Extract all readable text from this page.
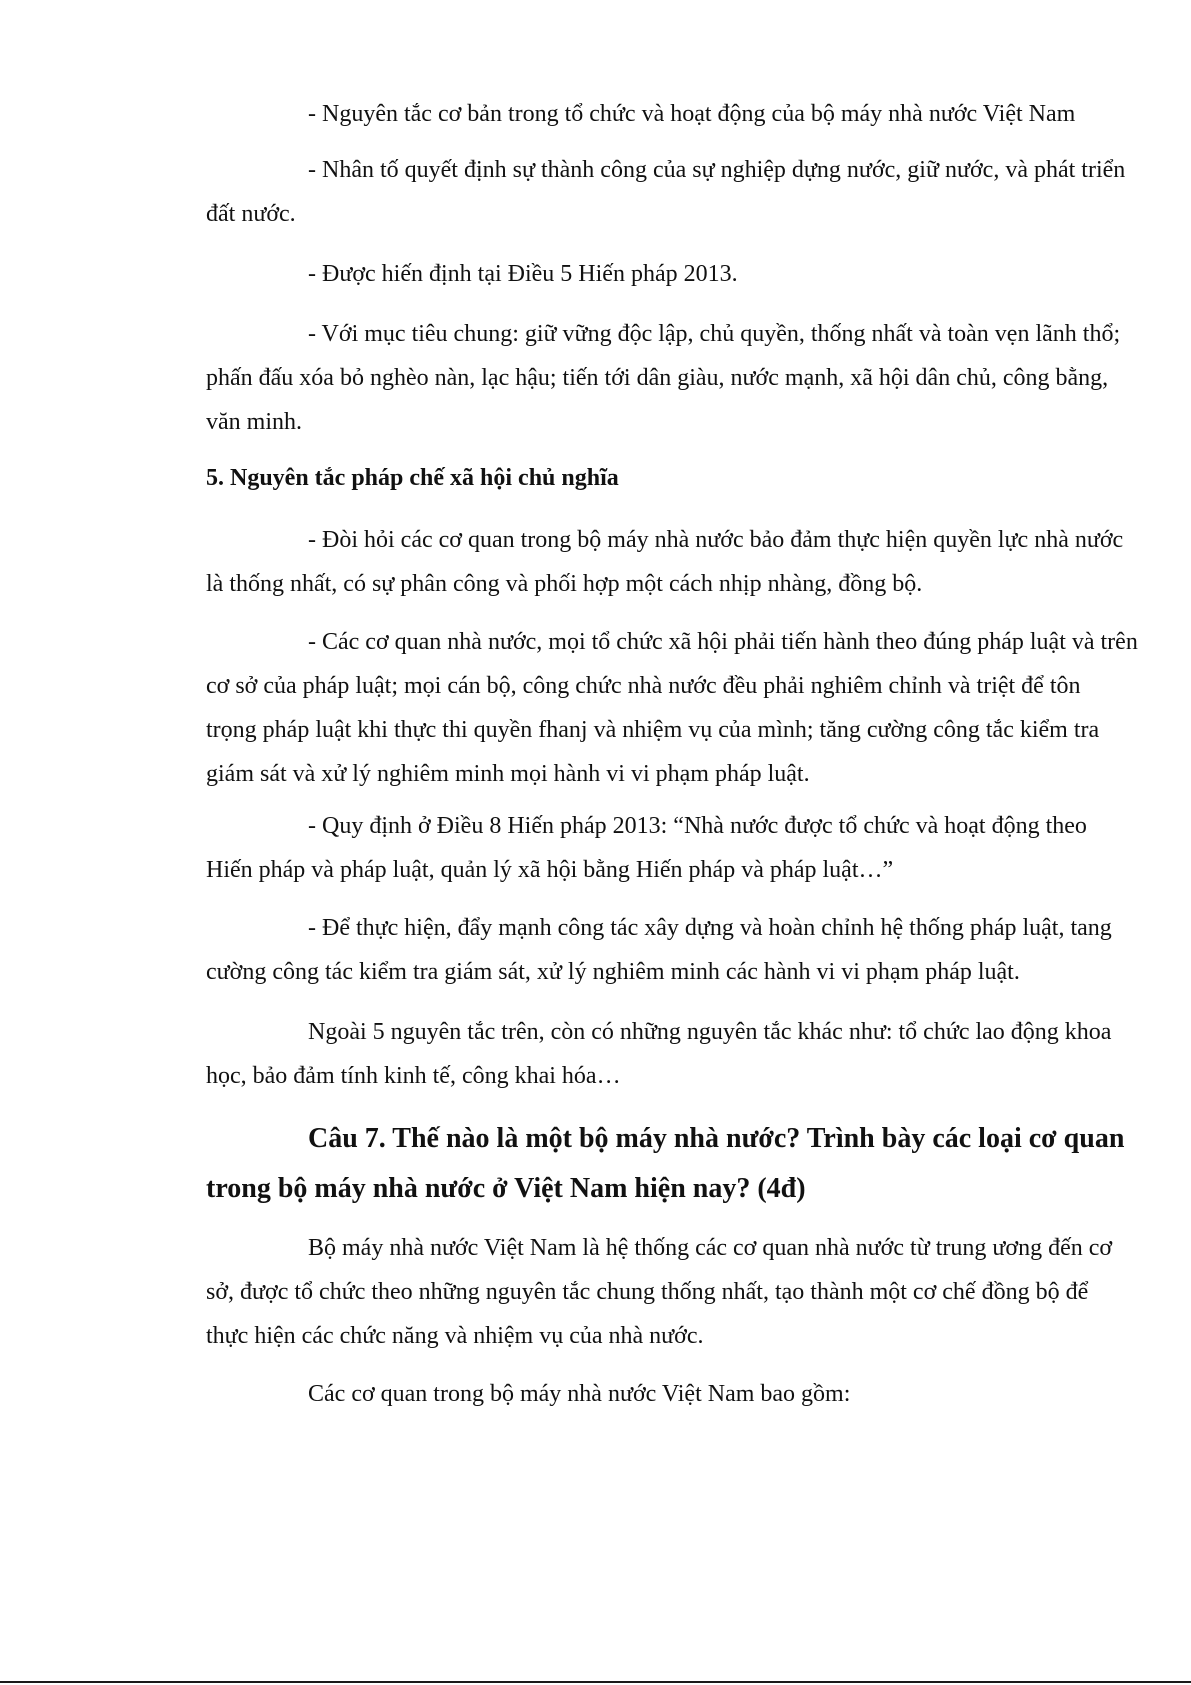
- Nguyên tắc cơ bản trong tổ chức và hoạt động của bộ máy nhà nước Việt Nam
- Nhân tố quyết định sự thành công của sự nghiệp dựng nước, giữ nước, và phát triển
đất nước.
- Được hiến định tại Điều 5 Hiến pháp 2013.
- Với mục tiêu chung: giữ vững độc lập, chủ quyền, thống nhất và toàn vẹn lãnh thổ;
phấn đấu xóa bỏ nghèo nàn, lạc hậu; tiến tới dân giàu, nước mạnh, xã hội dân chủ, công bằng,
văn minh.
5. Nguyên tắc pháp chế xã hội chủ nghĩa
- Đòi hỏi các cơ quan trong bộ máy nhà nước bảo đảm thực hiện quyền lực nhà nước
là thống nhất, có sự phân công và phối hợp một cách nhịp nhàng, đồng bộ.
- Các cơ quan nhà nước, mọi tổ chức xã hội phải tiến hành theo đúng pháp luật và trên
cơ sở của pháp luật; mọi cán bộ, công chức nhà nước đều phải nghiêm chỉnh và triệt để tôn
trọng pháp luật khi thực thi quyền fhanj và nhiệm vụ của mình; tăng cường công tắc kiểm tra
giám sát và xử lý nghiêm minh mọi hành vi vi phạm pháp luật.
- Quy định ở Điều 8 Hiến pháp 2013: “Nhà nước được tổ chức và hoạt động theo
Hiến pháp và pháp luật, quản lý xã hội bằng Hiến pháp và pháp luật…”
- Để thực hiện, đẩy mạnh công tác xây dựng và hoàn chỉnh hệ thống pháp luật, tang
cường công tác kiểm tra giám sát, xử lý nghiêm minh các hành vi vi phạm pháp luật.
Ngoài 5 nguyên tắc trên, còn có những nguyên tắc khác như: tổ chức lao động khoa
học, bảo đảm tính kinh tế, công khai hóa…
Câu 7. Thế nào là một bộ máy nhà nước? Trình bày các loại cơ quan
trong bộ máy nhà nước ở Việt Nam hiện nay? (4đ)
Bộ máy nhà nước Việt Nam là hệ thống các cơ quan nhà nước từ trung ương đến cơ
sở, được tổ chức theo những nguyên tắc chung thống nhất, tạo thành một cơ chế đồng bộ để
thực hiện các chức năng và nhiệm vụ của nhà nước.
Các cơ quan trong bộ máy nhà nước Việt Nam bao gồm:
